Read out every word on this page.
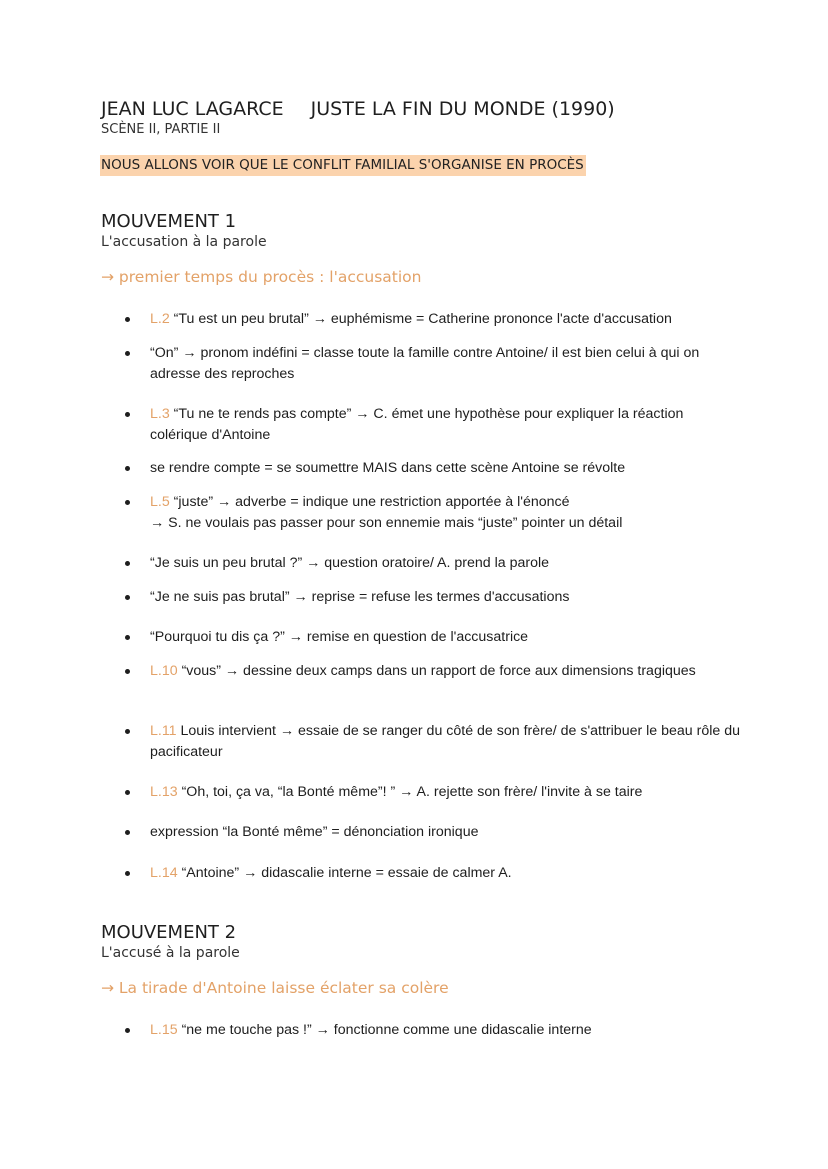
JEAN LUC LAGARCE JUSTE LA FIN DU MONDE (1990)
SCÈNE II, PARTIE II
NOUS ALLONS VOIR QUE LE CONFLIT FAMILIAL S'ORGANISE EN PROCÈS
MOUVEMENT 1
L'accusation à la parole
→ premier temps du procès : l'accusation
L.2 “Tu est un peu brutal” → euphémisme = Catherine prononce l'acte d'accusation
“On” → pronom indéfini = classe toute la famille contre Antoine/ il est bien celui à qui on adresse des reproches
L.3 “Tu ne te rends pas compte” → C. émet une hypothèse pour expliquer la réaction colérique d'Antoine
se rendre compte = se soumettre MAIS dans cette scène Antoine se révolte
L.5 “juste” → adverbe = indique une restriction apportée à l'énoncé
→ S. ne voulais pas passer pour son ennemie mais “juste” pointer un détail
“Je suis un peu brutal ?” → question oratoire/ A. prend la parole
“Je ne suis pas brutal” → reprise = refuse les termes d'accusations
“Pourquoi tu dis ça ?” → remise en question de l'accusatrice
L.10 “vous” → dessine deux camps dans un rapport de force aux dimensions tragiques
L.11 Louis intervient → essaie de se ranger du côté de son frère/ de s'attribuer le beau rôle du pacificateur
L.13 “Oh, toi, ça va, “la Bonté même”! ” → A. rejette son frère/ l'invite à se taire
expression “la Bonté même” = dénonciation ironique
L.14 “Antoine” → didascalie interne = essaie de calmer A.
MOUVEMENT 2
L'accusé à la parole
→ La tirade d'Antoine laisse éclater sa colère
L.15 “ne me touche pas !” → fonctionne comme une didascalie interne
